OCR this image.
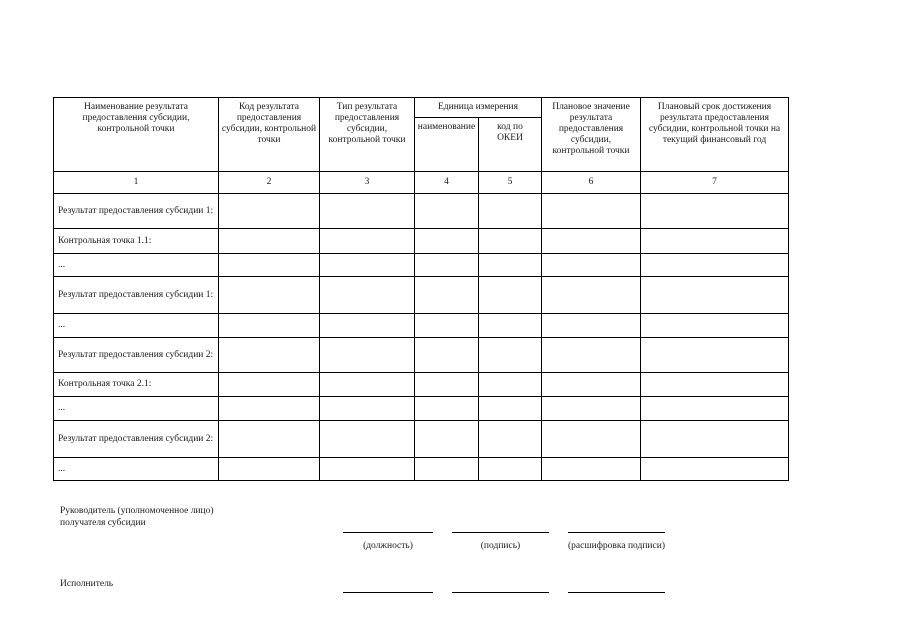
Наименование результата предоставления субсидии, контрольной точки	Код результата предоставления субсидии, контрольной точки	Тип результата предоставления субсидии, контрольной точки	Единица измерения		Плановое значение результата предоставления субсидии, контрольной точки	Плановый срок достижения результата предоставления субсидии, контрольной точки на текущий финансовый год
			наименование	код по ОКЕИ		
1	2	3	4	5	6	7
Результат предоставления субсидии 1:						
Контрольная точка 1.1:						
...						
Результат предоставления субсидии 1:						
...						
Результат предоставления субсидии 2:						
Контрольная точка 2.1:						
...						
Результат предоставления субсидии 2:						
...						
Руководитель (уполномоченное лицо) получателя субсидии
(должность)	(подпись)	(расшифровка подписи)
Исполнитель
